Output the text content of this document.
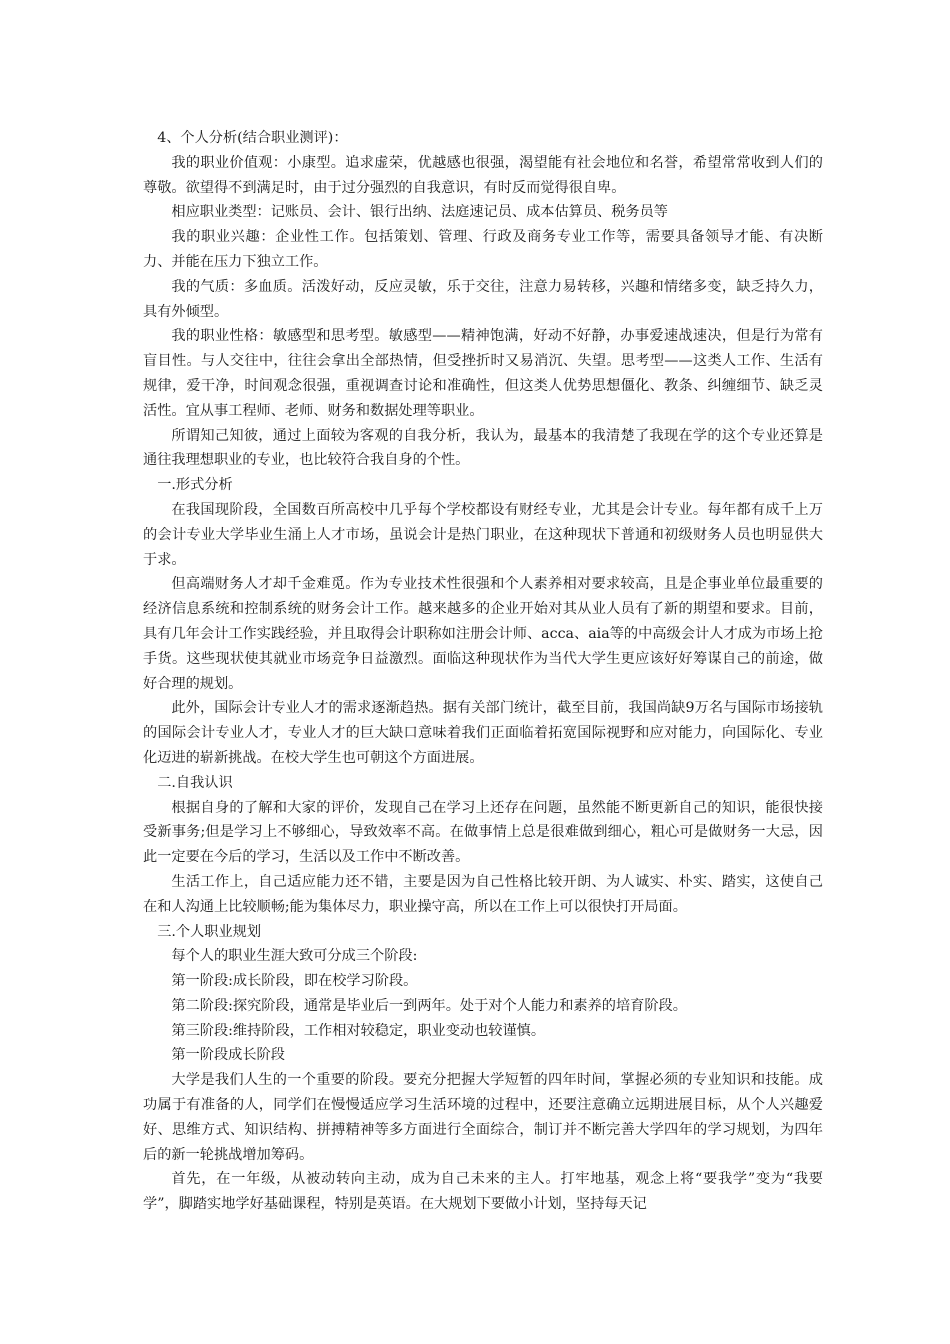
4、个人分析(结合职业测评)：

我的职业价值观：小康型。追求虚荣，优越感也很强，渴望能有社会地位和名誉，希望常常收到人们的尊敬。欲望得不到满足时，由于过分强烈的自我意识，有时反而觉得很自卑。

相应职业类型：记账员、会计、银行出纳、法庭速记员、成本估算员、税务员等

我的职业兴趣：企业性工作。包括策划、管理、行政及商务专业工作等，需要具备领导才能、有决断力、并能在压力下独立工作。

我的气质：多血质。活泼好动，反应灵敏，乐于交往，注意力易转移，兴趣和情绪多变，缺乏持久力，具有外倾型。

我的职业性格：敏感型和思考型。敏感型——精神饱满，好动不好静，办事爱速战速决，但是行为常有盲目性。与人交往中，往往会拿出全部热情，但受挫折时又易消沉、失望。思考型——这类人工作、生活有规律，爱干净，时间观念很强，重视调查讨论和准确性，但这类人优势思想僵化、教条、纠缠细节、缺乏灵活性。宜从事工程师、老师、财务和数据处理等职业。

所谓知己知彼，通过上面较为客观的自我分析，我认为，最基本的我清楚了我现在学的这个专业还算是通往我理想职业的专业，也比较符合我自身的个性。

一.形式分析

在我国现阶段，全国数百所高校中几乎每个学校都设有财经专业，尤其是会计专业。每年都有成千上万的会计专业大学毕业生涌上人才市场，虽说会计是热门职业，在这种现状下普通和初级财务人员也明显供大于求。

但高端财务人才却千金难觅。作为专业技术性很强和个人素养相对要求较高，且是企事业单位最重要的经济信息系统和控制系统的财务会计工作。越来越多的企业开始对其从业人员有了新的期望和要求。目前，具有几年会计工作实践经验，并且取得会计职称如注册会计师、acca、aia等的中高级会计人才成为市场上抢手货。这些现状使其就业市场竞争日益激烈。面临这种现状作为当代大学生更应该好好筹谋自己的前途，做好合理的规划。

此外，国际会计专业人才的需求逐渐趋热。据有关部门统计，截至目前，我国尚缺9万名与国际市场接轨的国际会计专业人才，专业人才的巨大缺口意味着我们正面临着拓宽国际视野和应对能力，向国际化、专业化迈进的崭新挑战。在校大学生也可朝这个方面进展。

二.自我认识

根据自身的了解和大家的评价，发现自己在学习上还存在问题，虽然能不断更新自己的知识，能很快接受新事务;但是学习上不够细心，导致效率不高。在做事情上总是很难做到细心，粗心可是做财务一大忌，因此一定要在今后的学习，生活以及工作中不断改善。

生活工作上，自己适应能力还不错，主要是因为自己性格比较开朗、为人诚实、朴实、踏实，这使自己在和人沟通上比较顺畅;能为集体尽力，职业操守高，所以在工作上可以很快打开局面。

三.个人职业规划

每个人的职业生涯大致可分成三个阶段:

第一阶段:成长阶段，即在校学习阶段。

第二阶段:探究阶段，通常是毕业后一到两年。处于对个人能力和素养的培育阶段。

第三阶段:维持阶段，工作相对较稳定，职业变动也较谨慎。

第一阶段成长阶段

大学是我们人生的一个重要的阶段。要充分把握大学短暂的四年时间，掌握必须的专业知识和技能。成功属于有准备的人，同学们在慢慢适应学习生活环境的过程中，还要注意确立远期进展目标，从个人兴趣爱好、思维方式、知识结构、拼搏精神等多方面进行全面综合，制订并不断完善大学四年的学习规划，为四年后的新一轮挑战增加筹码。

首先，在一年级，从被动转向主动，成为自己未来的主人。打牢地基，观念上将“要我学”变为“我要学”，脚踏实地学好基础课程，特别是英语。在大规划下要做小计划，坚持每天记
